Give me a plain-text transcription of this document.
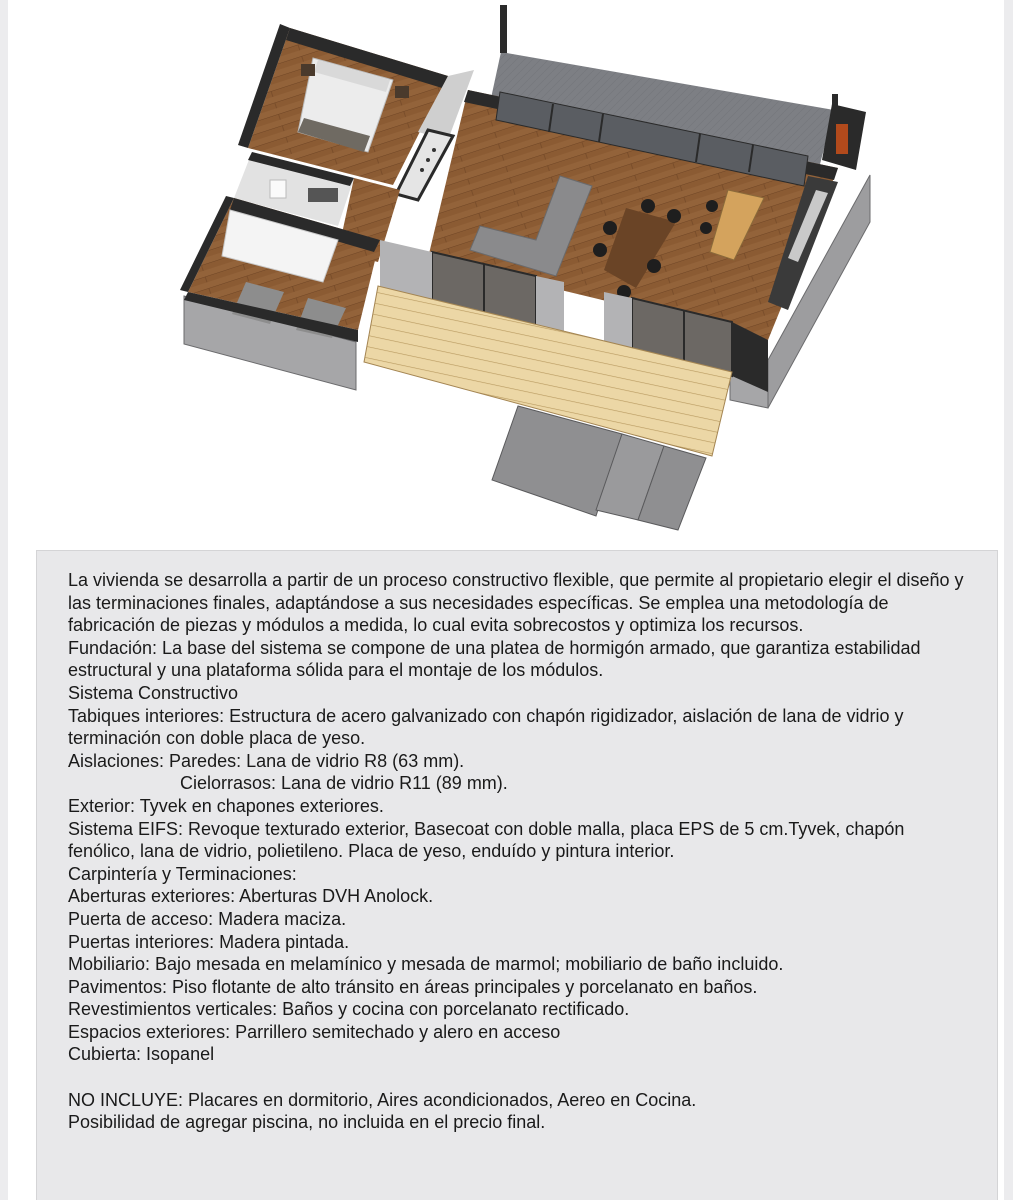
La vivienda se desarrolla a partir de un proceso constructivo flexible, que permite al propietario elegir el diseño y las terminaciones finales, adaptándose a sus necesidades específicas. Se emplea una metodología de fabricación de piezas y módulos a medida, lo cual evita sobrecostos y optimiza los recursos.

Fundación: La base del sistema se compone de una platea de hormigón armado, que garantiza estabilidad estructural y una plataforma sólida para el montaje de los módulos.

Sistema Constructivo

Tabiques interiores: Estructura de acero galvanizado con chapón rigidizador, aislación de lana de vidrio y terminación con doble placa de yeso.

Aislaciones: Paredes: Lana de vidrio R8 (63 mm).

Cielorrasos: Lana de vidrio R11 (89 mm).

Exterior: Tyvek en chapones exteriores.

Sistema EIFS: Revoque texturado exterior, Basecoat con doble malla, placa EPS de 5 cm.Tyvek, chapón fenólico, lana de vidrio, polietileno. Placa de yeso, enduído y pintura interior.

Carpintería y Terminaciones:

Aberturas exteriores: Aberturas DVH Anolock.

Puerta de acceso: Madera maciza.

Puertas interiores: Madera pintada.

Mobiliario: Bajo mesada en melamínico y mesada de marmol; mobiliario de baño incluido.

Pavimentos: Piso flotante de alto tránsito en áreas principales y porcelanato en baños.

Revestimientos verticales: Baños y cocina con porcelanato rectificado.

Espacios exteriores: Parrillero semitechado y alero en acceso

Cubierta: Isopanel

NO INCLUYE: Placares en dormitorio, Aires acondicionados, Aereo en Cocina.

Posibilidad de agregar piscina, no incluida en el precio final.
